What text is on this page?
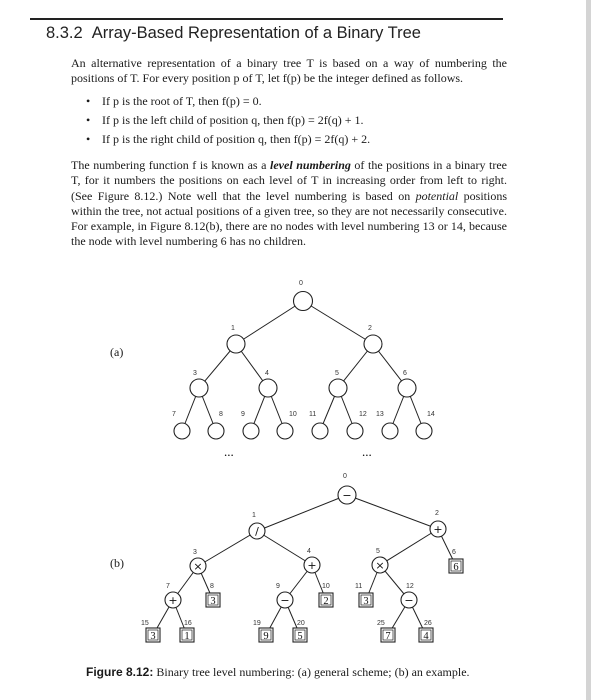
8.3.2 Array-Based Representation of a Binary Tree
An alternative representation of a binary tree T is based on a way of numbering the positions of T. For every position p of T, let f(p) be the integer defined as follows.
• If p is the root of T, then f(p) = 0.
• If p is the left child of position q, then f(p) = 2f(q) + 1.
• If p is the right child of position q, then f(p) = 2f(q) + 2.
The numbering function f is known as a level numbering of the positions in a binary tree T, for it numbers the positions on each level of T in increasing order from left to right. (See Figure 8.12.) Note well that the level numbering is based on potential positions within the tree, not actual positions of a given tree, so they are not necessarily consecutive. For example, in Figure 8.12(b), there are no nodes with level numbering 13 or 14, because the node with level numbering 6 has no children.
(a)
(b)
...	...
0
1	2
3	4	5	6
7	8	9	10 11	12 13	14
−
0
/
1
+
2
×
3
+
4
×
5
6
6
+
7
3
8
−
9
2
10
3
11
−
12
3
15
1
16
9
19
5
20
7
25
4
26
Figure 8.12: Binary tree level numbering: (a) general scheme; (b) an example.
